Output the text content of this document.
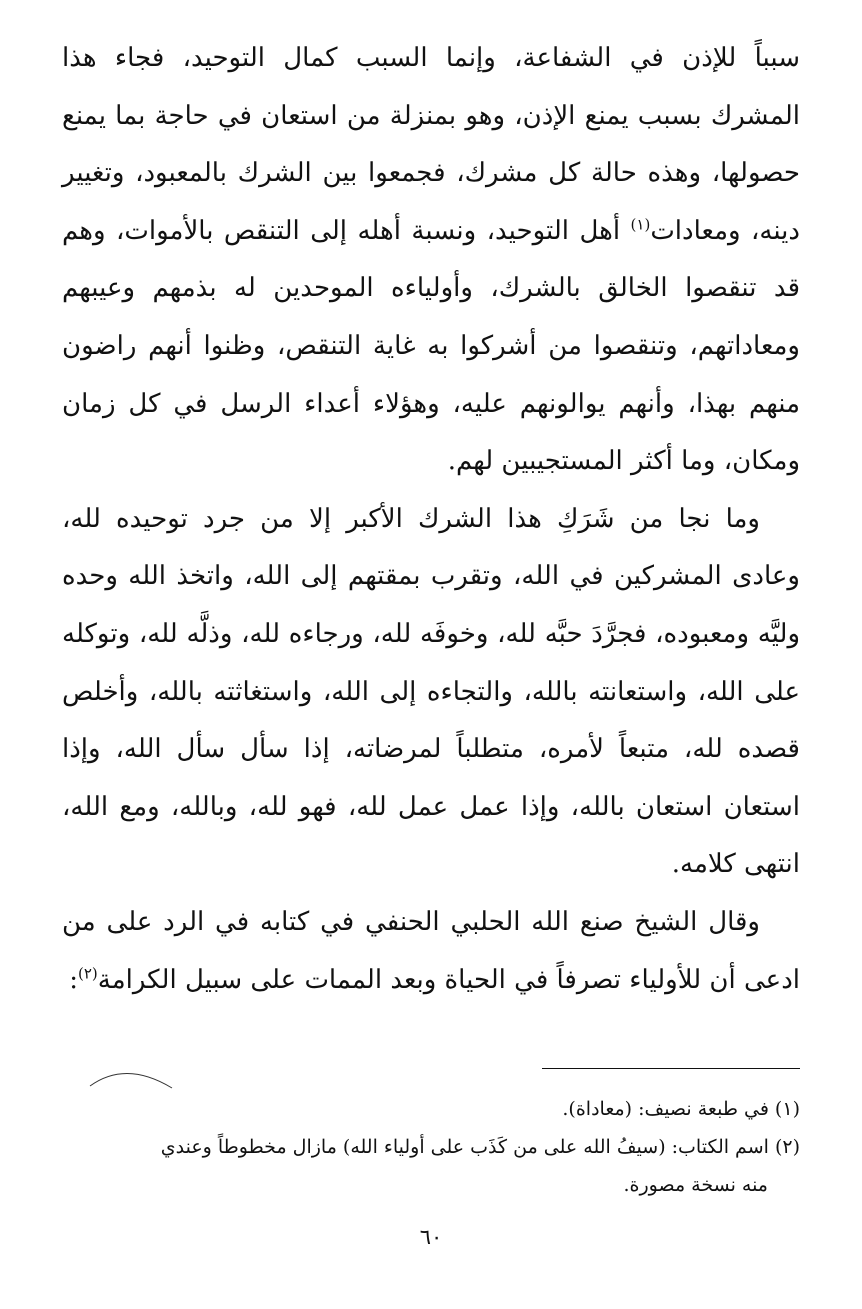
سبباً للإذن في الشفاعة، وإنما السبب كمال التوحيد، فجاء هذا المشرك بسبب يمنع الإذن، وهو بمنزلة من استعان في حاجة بما يمنع حصولها، وهذه حالة كل مشرك، فجمعوا بين الشرك بالمعبود، وتغيير دينه، ومعادات$^{(١)}$ أهل التوحيد، ونسبة أهله إلى التنقص بالأموات، وهم قد تنقصوا الخالق بالشرك، وأولياءه الموحدين له بذمهم وعيبهم ومعاداتهم، وتنقصوا من أشركوا به غاية التنقص، وظنوا أنهم راضون منهم بهذا، وأنهم يوالونهم عليه، وهؤلاء أعداء الرسل في كل زمان ومكان، وما أكثر المستجيبين لهم.

وما نجا من شَرَكِ هذا الشرك الأكبر إلا من جرد توحيده لله، وعادى المشركين في الله، وتقرب بمقتهم إلى الله، واتخذ الله وحده وليَّه ومعبوده، فجرَّدَ حبَّه لله، وخوفَه لله، ورجاءه لله، وذلَّه لله، وتوكله على الله، واستعانته بالله، والتجاءه إلى الله، واستغاثته بالله، وأخلص قصده لله، متبعاً لأمره، متطلباً لمرضاته، إذا سأل سأل الله، وإذا استعان استعان بالله، وإذا عمل عمل لله، فهو لله، وبالله، ومع الله، انتهى كلامه.

وقال الشيخ صنع الله الحلبي الحنفي في كتابه في الرد على من ادعى أن للأولياء تصرفاً في الحياة وبعد الممات على سبيل الكرامة$^{(٢)}$:

(١) في طبعة نصيف: (معاداة).

(٢) اسم الكتاب: (سيفُ الله على من كَذَب على أولياء الله) مازال مخطوطاً وعندي

منه نسخة مصورة.

٦٠
